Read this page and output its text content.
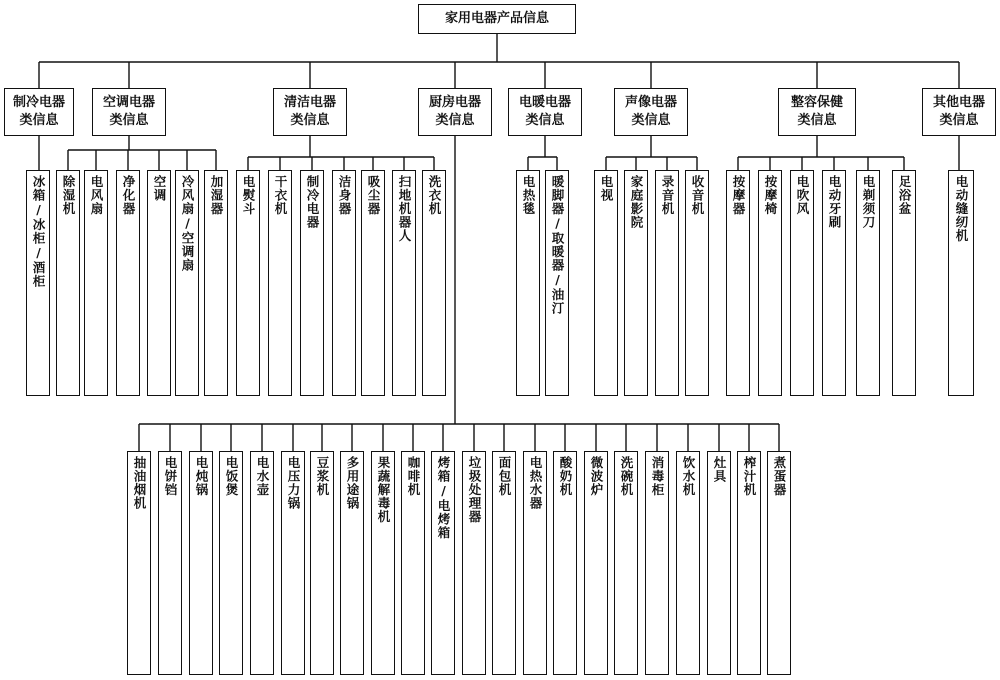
家用电器产品信息
制冷电器
类信息
冰箱/冰柜/酒柜
空调电器
类信息
除湿机 电风扇 净化器 空调 冷风扇/空调扇 加湿器
清洁电器
类信息
电熨斗 干衣机 制冷电器 洁身器 吸尘器 扫地机器人 洗衣机
厨房电器
类信息
抽油烟机 电饼铛 电炖锅 电饭煲 电水壶 电压力锅 豆浆机 多用途锅 果蔬解毒机 咖啡机 烤箱/电烤箱 垃圾处理器 面包机 电热水器 酸奶机 微波炉 洗碗机 消毒柜 饮水机 灶具 榨汁机 煮蛋器
电暖电器
类信息
电热毯 暖脚器/取暖器/油汀
声像电器
类信息
电视 家庭影院 录音机 收音机
整容保健
类信息
按摩器 按摩椅 电吹风 电动牙刷 电剃须刀 足浴盆
其他电器
类信息
电动缝纫机
